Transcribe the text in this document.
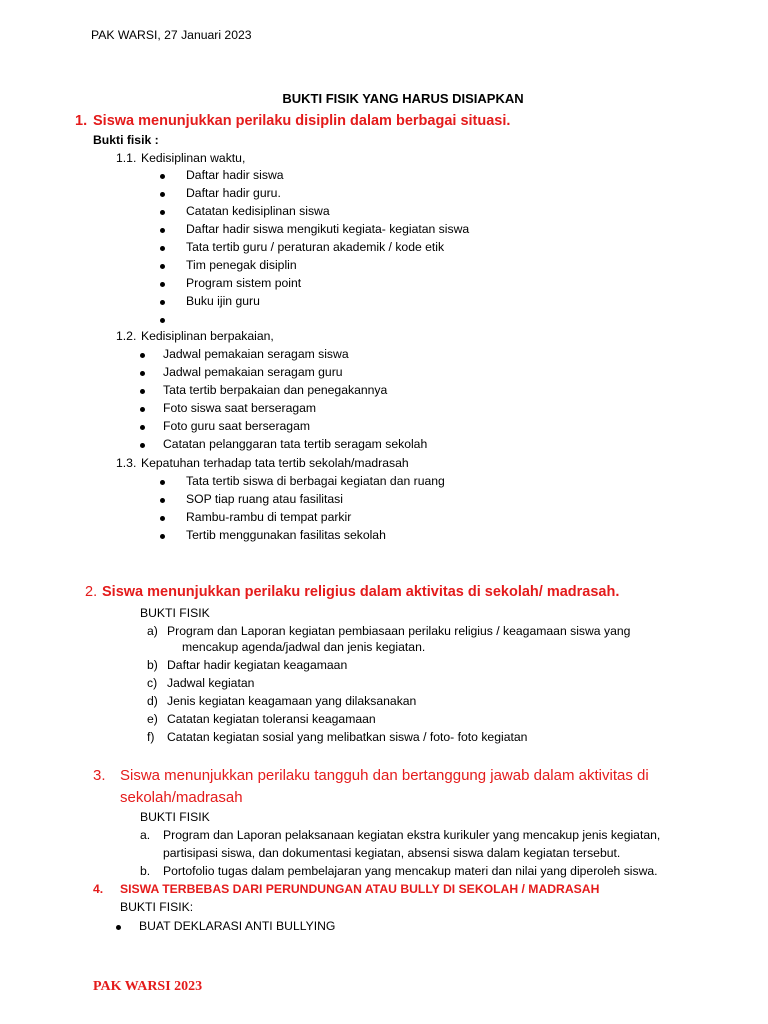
PAK WARSI, 27 Januari 2023
BUKTI FISIK YANG HARUS DISIAPKAN
1. Siswa menunjukkan perilaku disiplin dalam berbagai situasi.
Bukti fisik :
1.1. Kedisiplinan waktu,
Daftar hadir siswa
Daftar hadir guru.
Catatan kedisiplinan siswa
Daftar hadir siswa mengikuti kegiata- kegiatan siswa
Tata tertib guru / peraturan akademik / kode etik
Tim penegak disiplin
Program sistem point
Buku ijin guru
1.2. Kedisiplinan berpakaian,
Jadwal pemakaian seragam siswa
Jadwal pemakaian seragam guru
Tata tertib berpakaian dan penegakannya
Foto siswa saat berseragam
Foto guru saat berseragam
Catatan pelanggaran tata tertib seragam sekolah
1.3. Kepatuhan terhadap tata tertib sekolah/madrasah
Tata tertib siswa di berbagai kegiatan dan ruang
SOP tiap ruang atau fasilitasi
Rambu-rambu di tempat parkir
Tertib menggunakan fasilitas sekolah
2. Siswa menunjukkan perilaku religius dalam aktivitas di sekolah/ madrasah.
BUKTI FISIK
a) Program dan Laporan kegiatan pembiasaan perilaku religius / keagamaan siswa yang
mencakup agenda/jadwal dan jenis kegiatan.
b) Daftar hadir kegiatan keagamaan
c) Jadwal kegiatan
d) Jenis kegiatan keagamaan yang dilaksanakan
e) Catatan kegiatan toleransi keagamaan
f) Catatan kegiatan sosial yang melibatkan siswa / foto- foto kegiatan
3. Siswa menunjukkan perilaku tangguh dan bertanggung jawab dalam aktivitas di
sekolah/madrasah
BUKTI FISIK
a. Program dan Laporan pelaksanaan kegiatan ekstra kurikuler yang mencakup jenis kegiatan,
partisipasi siswa, dan dokumentasi kegiatan, absensi siswa dalam kegiatan tersebut.
b. Portofolio tugas dalam pembelajaran yang mencakup materi dan nilai yang diperoleh siswa.
4. SISWA TERBEBAS DARI PERUNDUNGAN ATAU BULLY DI SEKOLAH / MADRASAH
BUKTI FISIK:
BUAT DEKLARASI ANTI BULLYING
PAK WARSI 2023
